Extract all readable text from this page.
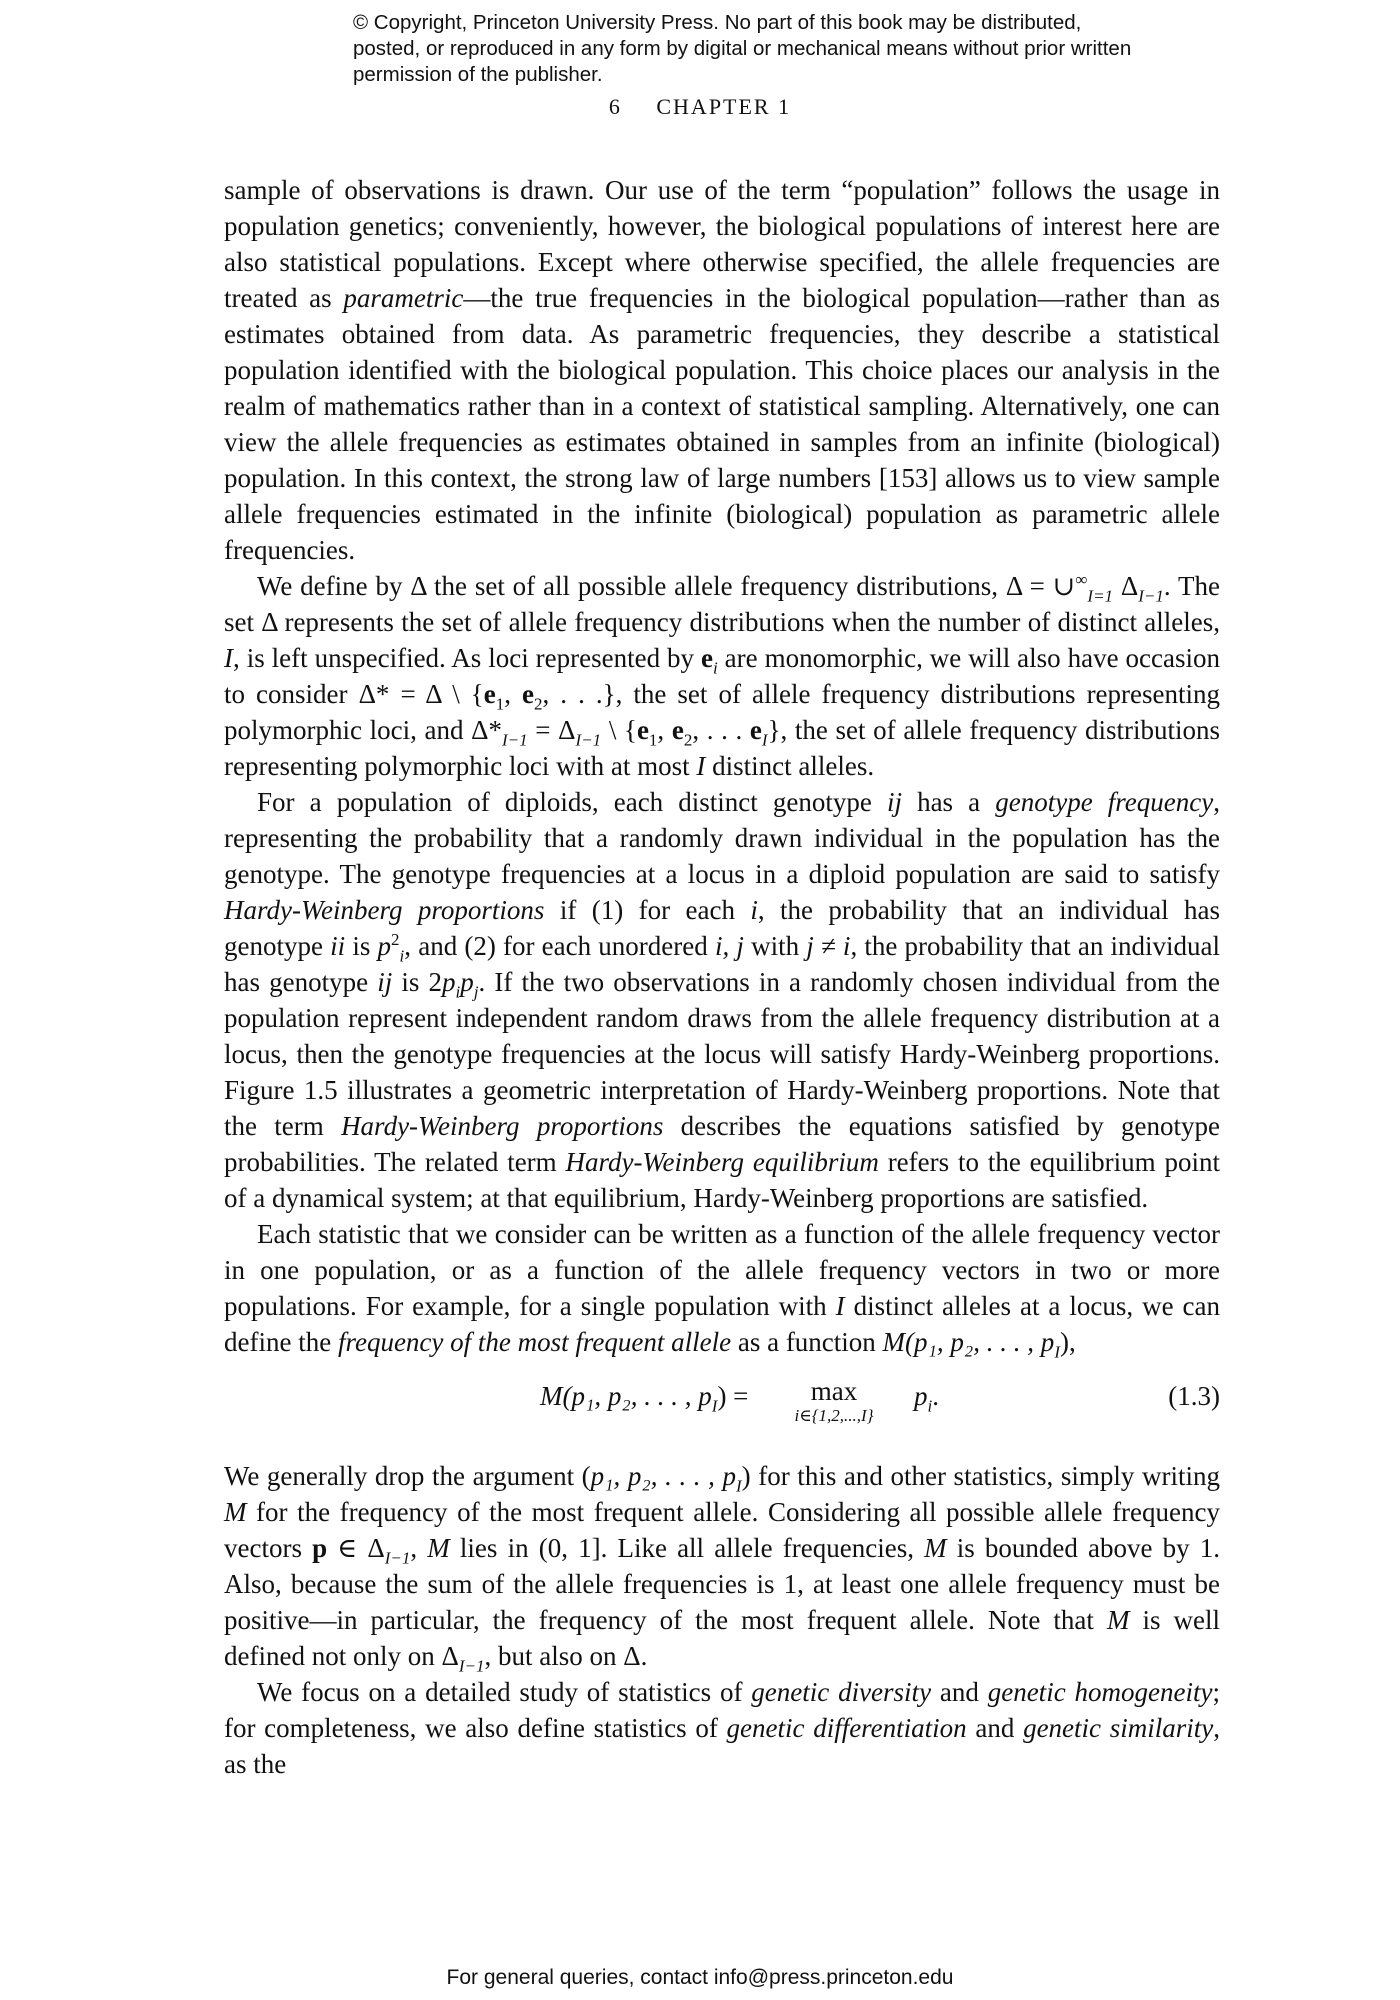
© Copyright, Princeton University Press. No part of this book may be distributed, posted, or reproduced in any form by digital or mechanical means without prior written permission of the publisher.
6 CHAPTER 1

sample of observations is drawn. Our use of the term “population” follows the usage in population genetics; conveniently, however, the biological populations of interest here are also statistical populations. Except where otherwise specified, the allele frequencies are treated as parametric—the true frequencies in the biological population—rather than as estimates obtained from data. As parametric frequencies, they describe a statistical population identified with the biological population. This choice places our analysis in the realm of mathematics rather than in a context of statistical sampling. Alternatively, one can view the allele frequencies as estimates obtained in samples from an infinite (biological) population. In this context, the strong law of large numbers [153] allows us to view sample allele frequencies estimated in the infinite (biological) population as parametric allele frequencies.

We define by Δ the set of all possible allele frequency distributions, $\Delta = \cup^\infty_{I=1}$ $\Delta_{I-1}$. The set Δ represents the set of allele frequency distributions when the number of distinct alleles, I, is left unspecified. As loci represented by $e_i$ are monomorphic, we will also have occasion to consider Δ* = Δ \ {$e_1$, $e_2$, . . .}, the set of allele frequency distributions representing polymorphic loci, and $\Delta*_{I-1} = \Delta_{I-1}$ \ {$e_1$, $e_2$, . . . $e_I$}, the set of allele frequency distributions representing polymorphic loci with at most I distinct alleles.

For a population of diploids, each distinct genotype ij has a genotype frequency, representing the probability that a randomly drawn individual in the population has the genotype. The genotype frequencies at a locus in a diploid population are said to satisfy Hardy-Weinberg proportions if (1) for each i, the probability that an individual has genotype ii is $p^2_i$, and (2) for each unordered i, j with j ≠ i, the probability that an individual has genotype ij is $2p_ip_j$. If the two observations in a randomly chosen individual from the population represent independent random draws from the allele frequency distribution at a locus, then the genotype frequencies at the locus will satisfy Hardy-Weinberg proportions. Figure 1.5 illustrates a geometric interpretation of Hardy-Weinberg proportions. Note that the term Hardy-Weinberg proportions describes the equations satisfied by genotype probabilities. The related term Hardy-Weinberg equilibrium refers to the equilibrium point of a dynamical system; at that equilibrium, Hardy-Weinberg proportions are satisfied.

Each statistic that we consider can be written as a function of the allele frequency vector in one population, or as a function of the allele frequency vectors in two or more populations. For example, for a single population with I distinct alleles at a locus, we can define the frequency of the most frequent allele as a function M(p₁, p₂, . . . , $p_I$),

M(p₁, p₂, . . . , $p_I$) =	max
i∈{1,2,...,I}
$p_i$.	(1.3)

We generally drop the argument (p₁, p₂, . . . , $p_I$) for this and other statistics, simply writing M for the frequency of the most frequent allele. Considering all possible allele frequency vectors p ∈ $\Delta_{I-1}$, M lies in (0, 1]. Like all allele frequencies, M is bounded above by 1. Also, because the sum of the allele frequencies is 1, at least one allele frequency must be positive—in particular, the frequency of the most frequent allele. Note that M is well defined not only on $\Delta_{I-1}$, but also on Δ.

We focus on a detailed study of statistics of genetic diversity and genetic homogeneity; for completeness, we also define statistics of genetic differentiation and genetic similarity, as the

For general queries, contact info@press.princeton.edu
